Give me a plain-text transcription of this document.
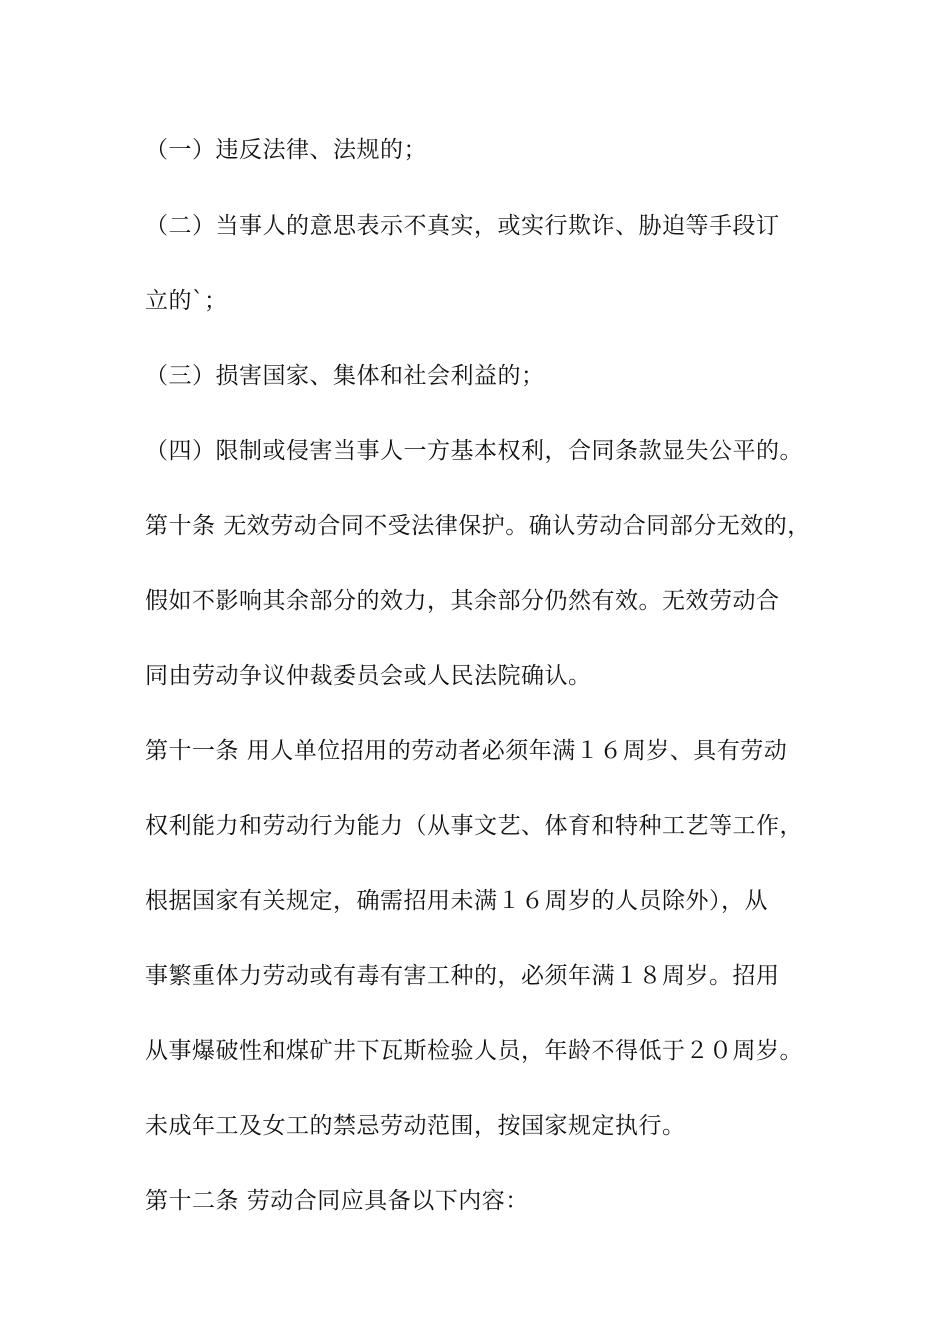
（一）违反法律、法规的；
（二）当事人的意思表示不真实，或实行欺诈、胁迫等手段订
立的`；
（三）损害国家、集体和社会利益的；
（四）限制或侵害当事人一方基本权利，合同条款显失公平的。
第十条 无效劳动合同不受法律保护。确认劳动合同部分无效的，
假如不影响其余部分的效力，其余部分仍然有效。无效劳动合
同由劳动争议仲裁委员会或人民法院确认。
第十一条 用人单位招用的劳动者必须年满１６周岁、具有劳动
权利能力和劳动行为能力（从事文艺、体育和特种工艺等工作，
根据国家有关规定，确需招用未满１６周岁的人员除外），从
事繁重体力劳动或有毒有害工种的，必须年满１８周岁。招用
从事爆破性和煤矿井下瓦斯检验人员，年龄不得低于２０周岁。
未成年工及女工的禁忌劳动范围，按国家规定执行。
第十二条 劳动合同应具备以下内容：
